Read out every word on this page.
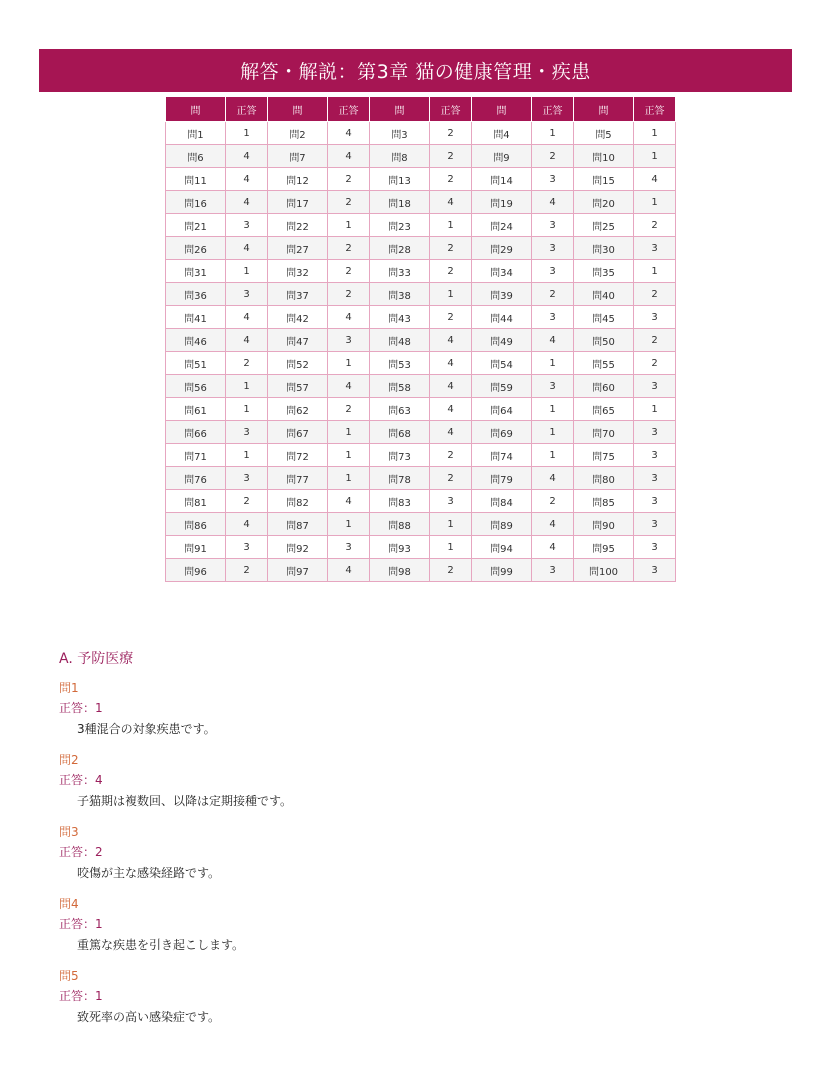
解答・解説：第3章 猫の健康管理・疾患
問	正答	問	正答	問	正答	問	正答	問	正答
問1	1	問2	4	問3	2	問4	1	問5	1
問6	4	問7	4	問8	2	問9	2	問10	1
問11	4	問12	2	問13	2	問14	3	問15	4
問16	4	問17	2	問18	4	問19	4	問20	1
問21	3	問22	1	問23	1	問24	3	問25	2
問26	4	問27	2	問28	2	問29	3	問30	3
問31	1	問32	2	問33	2	問34	3	問35	1
問36	3	問37	2	問38	1	問39	2	問40	2
問41	4	問42	4	問43	2	問44	3	問45	3
問46	4	問47	3	問48	4	問49	4	問50	2
問51	2	問52	1	問53	4	問54	1	問55	2
問56	1	問57	4	問58	4	問59	3	問60	3
問61	1	問62	2	問63	4	問64	1	問65	1
問66	3	問67	1	問68	4	問69	1	問70	3
問71	1	問72	1	問73	2	問74	1	問75	3
問76	3	問77	1	問78	2	問79	4	問80	3
問81	2	問82	4	問83	3	問84	2	問85	3
問86	4	問87	1	問88	1	問89	4	問90	3
問91	3	問92	3	問93	1	問94	4	問95	3
問96	2	問97	4	問98	2	問99	3	問100	3
A. 予防医療
問1
正答：1
3種混合の対象疾患です。
問2
正答：4
子猫期は複数回、以降は定期接種です。
問3
正答：2
咬傷が主な感染経路です。
問4
正答：1
重篤な疾患を引き起こします。
問5
正答：1
致死率の高い感染症です。
